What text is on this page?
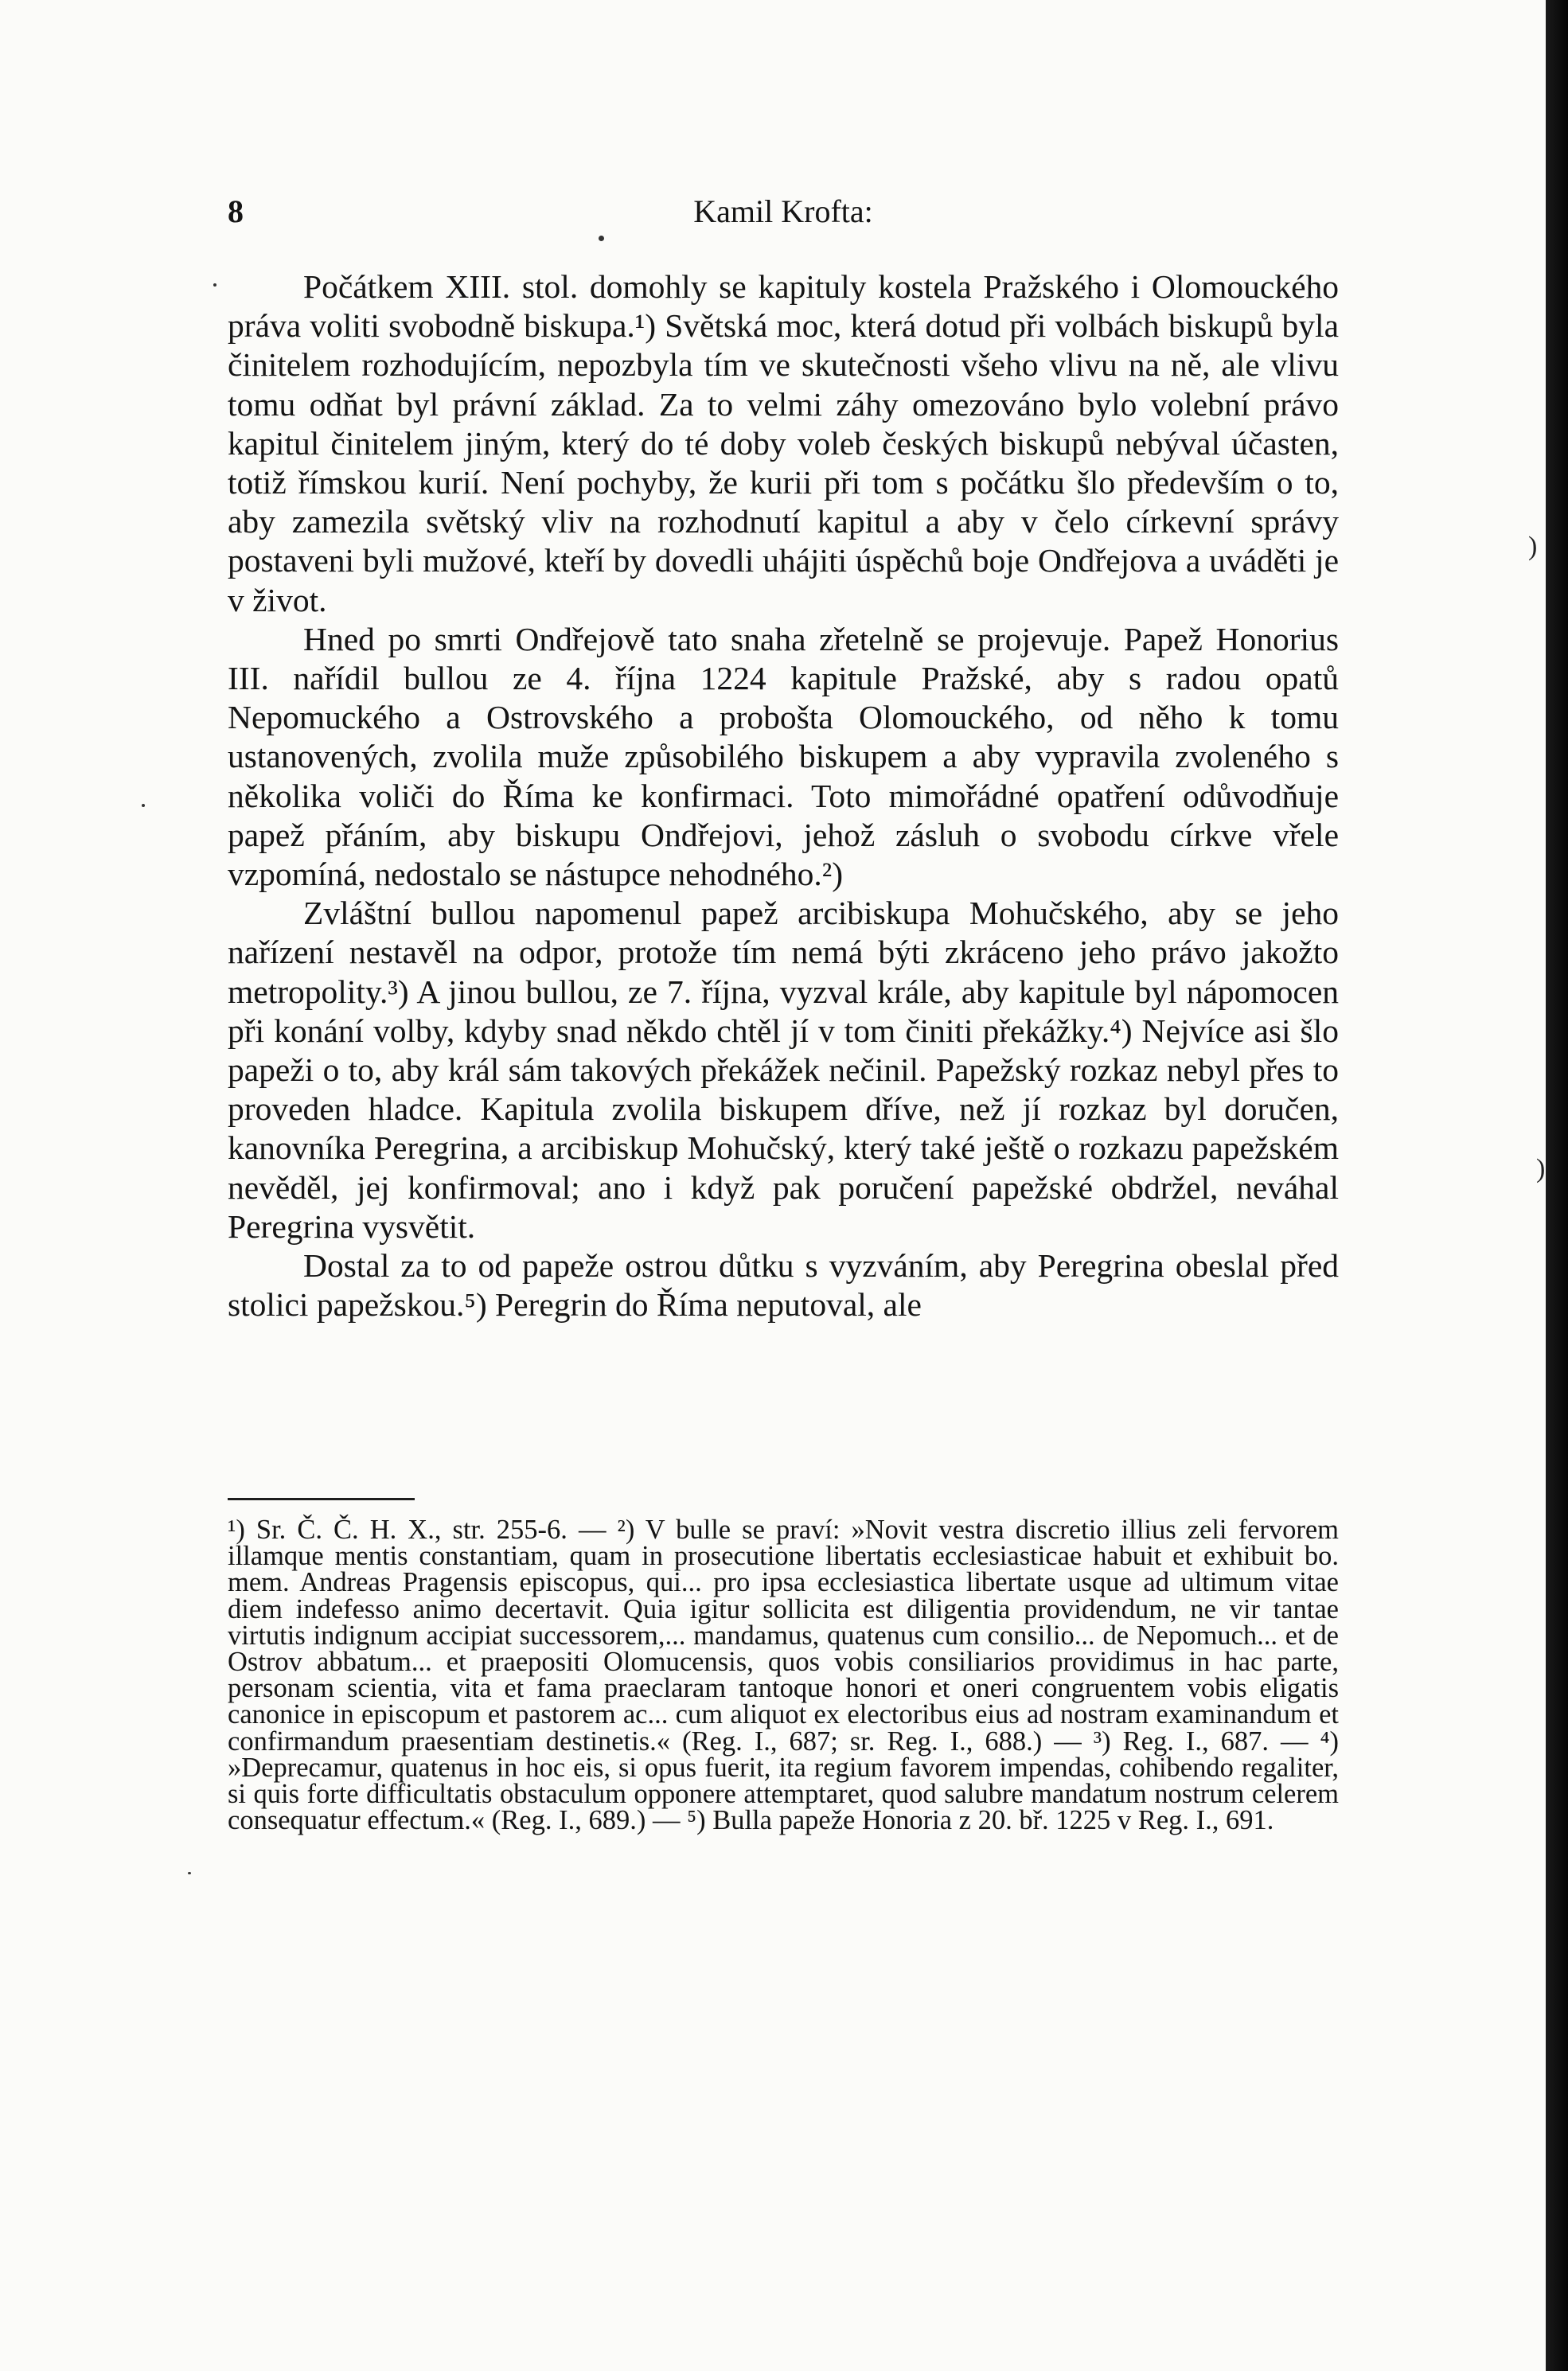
8	Kamil Krofta:
)
)

Počátkem XIII. stol. domohly se kapituly kostela Pražského i Olomouckého práva voliti svobodně biskupa.¹) Světská moc, která dotud při volbách biskupů byla činitelem rozhodujícím, nepozbyla tím ve skutečnosti všeho vlivu na ně, ale vlivu tomu odňat byl právní základ. Za to velmi záhy omezováno bylo volební právo kapitul činitelem jiným, který do té doby voleb českých biskupů nebýval účasten, totiž římskou kurií. Není pochyby, že kurii při tom s počátku šlo především o to, aby zamezila světský vliv na rozhodnutí kapitul a aby v čelo církevní správy postaveni byli mužové, kteří by dovedli uhájiti úspěchů boje Ondřejova a uváděti je v život.

Hned po smrti Ondřejově tato snaha zřetelně se projevuje. Papež Honorius III. nařídil bullou ze 4. října 1224 kapitule Pražské, aby s radou opatů Nepomuckého a Ostrovského a probošta Olomouckého, od něho k tomu ustanovených, zvolila muže způsobilého biskupem a aby vypravila zvoleného s několika voliči do Říma ke konfirmaci. Toto mimořádné opatření odůvodňuje papež přáním, aby biskupu Ondřejovi, jehož zásluh o svobodu církve vřele vzpomíná, nedostalo se nástupce nehodného.²)

Zvláštní bullou napomenul papež arcibiskupa Mohučského, aby se jeho nařízení nestavěl na odpor, protože tím nemá býti zkráceno jeho právo jakožto metropolity.³) A jinou bullou, ze 7. října, vyzval krále, aby kapitule byl nápomocen při konání volby, kdyby snad někdo chtěl jí v tom činiti překážky.⁴) Nejvíce asi šlo papeži o to, aby král sám takových překážek nečinil. Papežský rozkaz nebyl přes to proveden hladce. Kapitula zvolila biskupem dříve, než jí rozkaz byl doručen, kanovníka Peregrina, a arcibiskup Mohučský, který také ještě o rozkazu papežském nevěděl, jej konfirmoval; ano i když pak poručení papežské obdržel, neváhal Peregrina vysvětit.

Dostal za to od papeže ostrou důtku s vyzváním, aby Peregrina obeslal před stolici papežskou.⁵) Peregrin do Říma neputoval, ale

¹) Sr. Č. Č. H. X., str. 255-6. — ²) V bulle se praví: »Novit vestra discretio illius zeli fervorem illamque mentis constantiam, quam in prosecutione libertatis ecclesiasticae habuit et exhibuit bo. mem. Andreas Pragensis episcopus, qui... pro ipsa ecclesiastica libertate usque ad ultimum vitae diem indefesso animo decertavit. Quia igitur sollicita est diligentia providendum, ne vir tantae virtutis indignum accipiat successorem,... mandamus, quatenus cum consilio... de Nepomuch... et de Ostrov abbatum... et praepositi Olomucensis, quos vobis consiliarios providimus in hac parte, personam scientia, vita et fama praeclaram tantoque honori et oneri congruentem vobis eligatis canonice in episcopum et pastorem ac... cum aliquot ex electoribus eius ad nostram examinandum et confirmandum praesentiam destinetis.« (Reg. I., 687; sr. Reg. I., 688.) — ³) Reg. I., 687. — ⁴) »Deprecamur, quatenus in hoc eis, si opus fuerit, ita regium favorem impendas, cohibendo regaliter, si quis forte difficultatis obstaculum opponere attemptaret, quod salubre mandatum nostrum celerem consequatur effectum.« (Reg. I., 689.) — ⁵) Bulla papeže Honoria z 20. bř. 1225 v Reg. I., 691.
